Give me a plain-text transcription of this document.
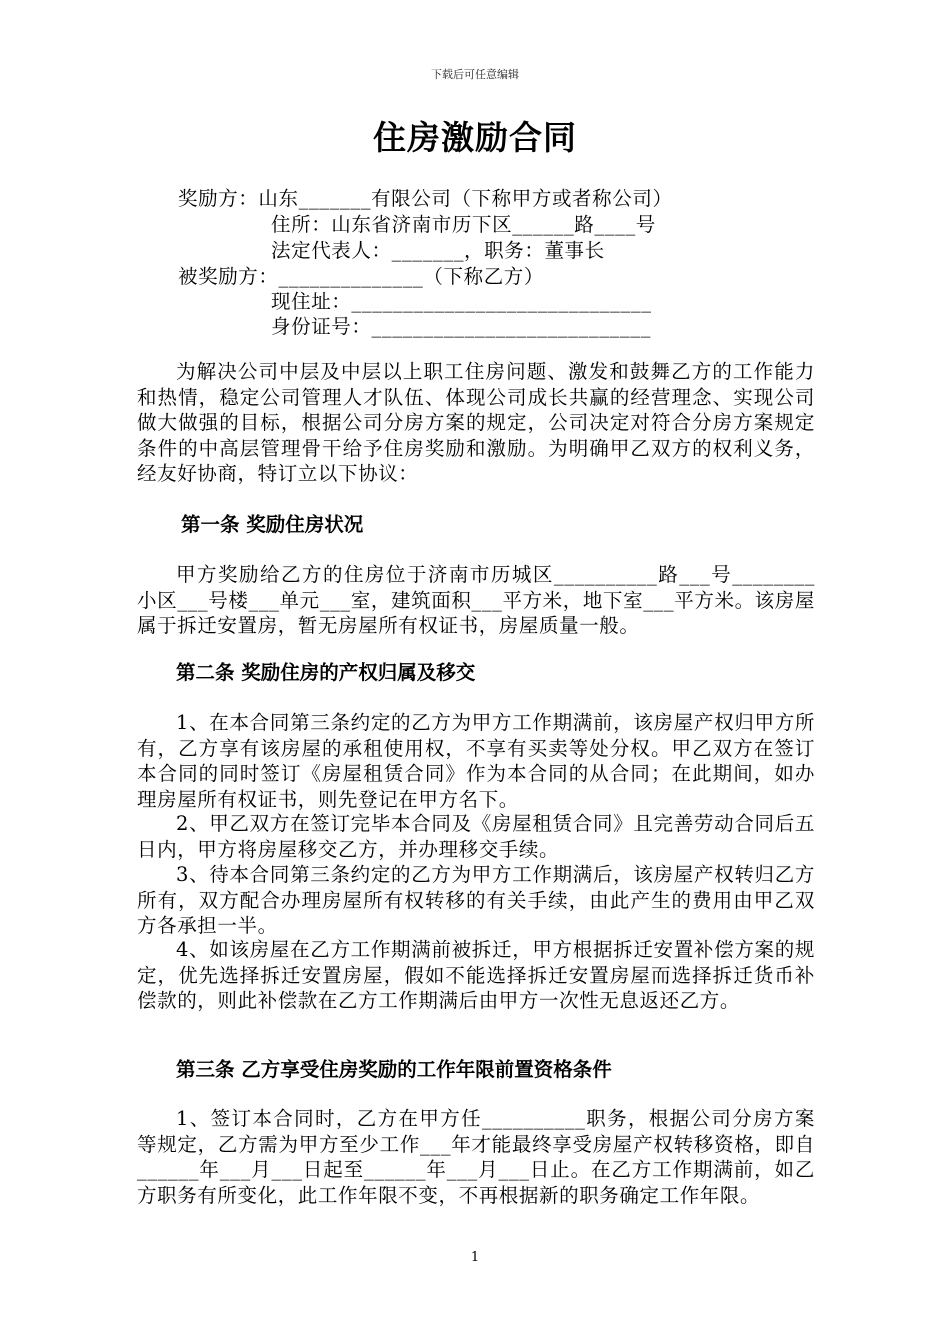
下载后可任意编辑
住房激励合同
奖励方：山东_______有限公司（下称甲方或者称公司）
住所：山东省济南市历下区______路____号
法定代表人：_______，职务：董事长
被奖励方：______________（下称乙方）
现住址：_____________________________
身份证号：___________________________

为解决公司中层及中层以上职工住房问题、激发和鼓舞乙方的工作能力和热情，稳定公司管理人才队伍、体现公司成长共赢的经营理念、实现公司做大做强的目标，根据公司分房方案的规定，公司决定对符合分房方案规定条件的中高层管理骨干给予住房奖励和激励。为明确甲乙双方的权利义务，经友好协商，特订立以下协议：

第一条 奖励住房状况

甲方奖励给乙方的住房位于济南市历城区__________路___号________小区___号楼___单元___室，建筑面积___平方米，地下室___平方米。该房屋属于拆迁安置房，暂无房屋所有权证书，房屋质量一般。

第二条 奖励住房的产权归属及移交

1、在本合同第三条约定的乙方为甲方工作期满前，该房屋产权归甲方所有，乙方享有该房屋的承租使用权，不享有买卖等处分权。甲乙双方在签订本合同的同时签订《房屋租赁合同》作为本合同的从合同；在此期间，如办理房屋所有权证书，则先登记在甲方名下。

2、甲乙双方在签订完毕本合同及《房屋租赁合同》且完善劳动合同后五日内，甲方将房屋移交乙方，并办理移交手续。

3、待本合同第三条约定的乙方为甲方工作期满后，该房屋产权转归乙方所有，双方配合办理房屋所有权转移的有关手续，由此产生的费用由甲乙双方各承担一半。

4、如该房屋在乙方工作期满前被拆迁，甲方根据拆迁安置补偿方案的规定，优先选择拆迁安置房屋，假如不能选择拆迁安置房屋而选择拆迁货币补偿款的，则此补偿款在乙方工作期满后由甲方一次性无息返还乙方。

第三条 乙方享受住房奖励的工作年限前置资格条件

1、签订本合同时，乙方在甲方任__________职务，根据公司分房方案等规定，乙方需为甲方至少工作___年才能最终享受房屋产权转移资格，即自______年___月___日起至______年___月___日止。在乙方工作期满前，如乙方职务有所变化，此工作年限不变，不再根据新的职务确定工作年限。

1
